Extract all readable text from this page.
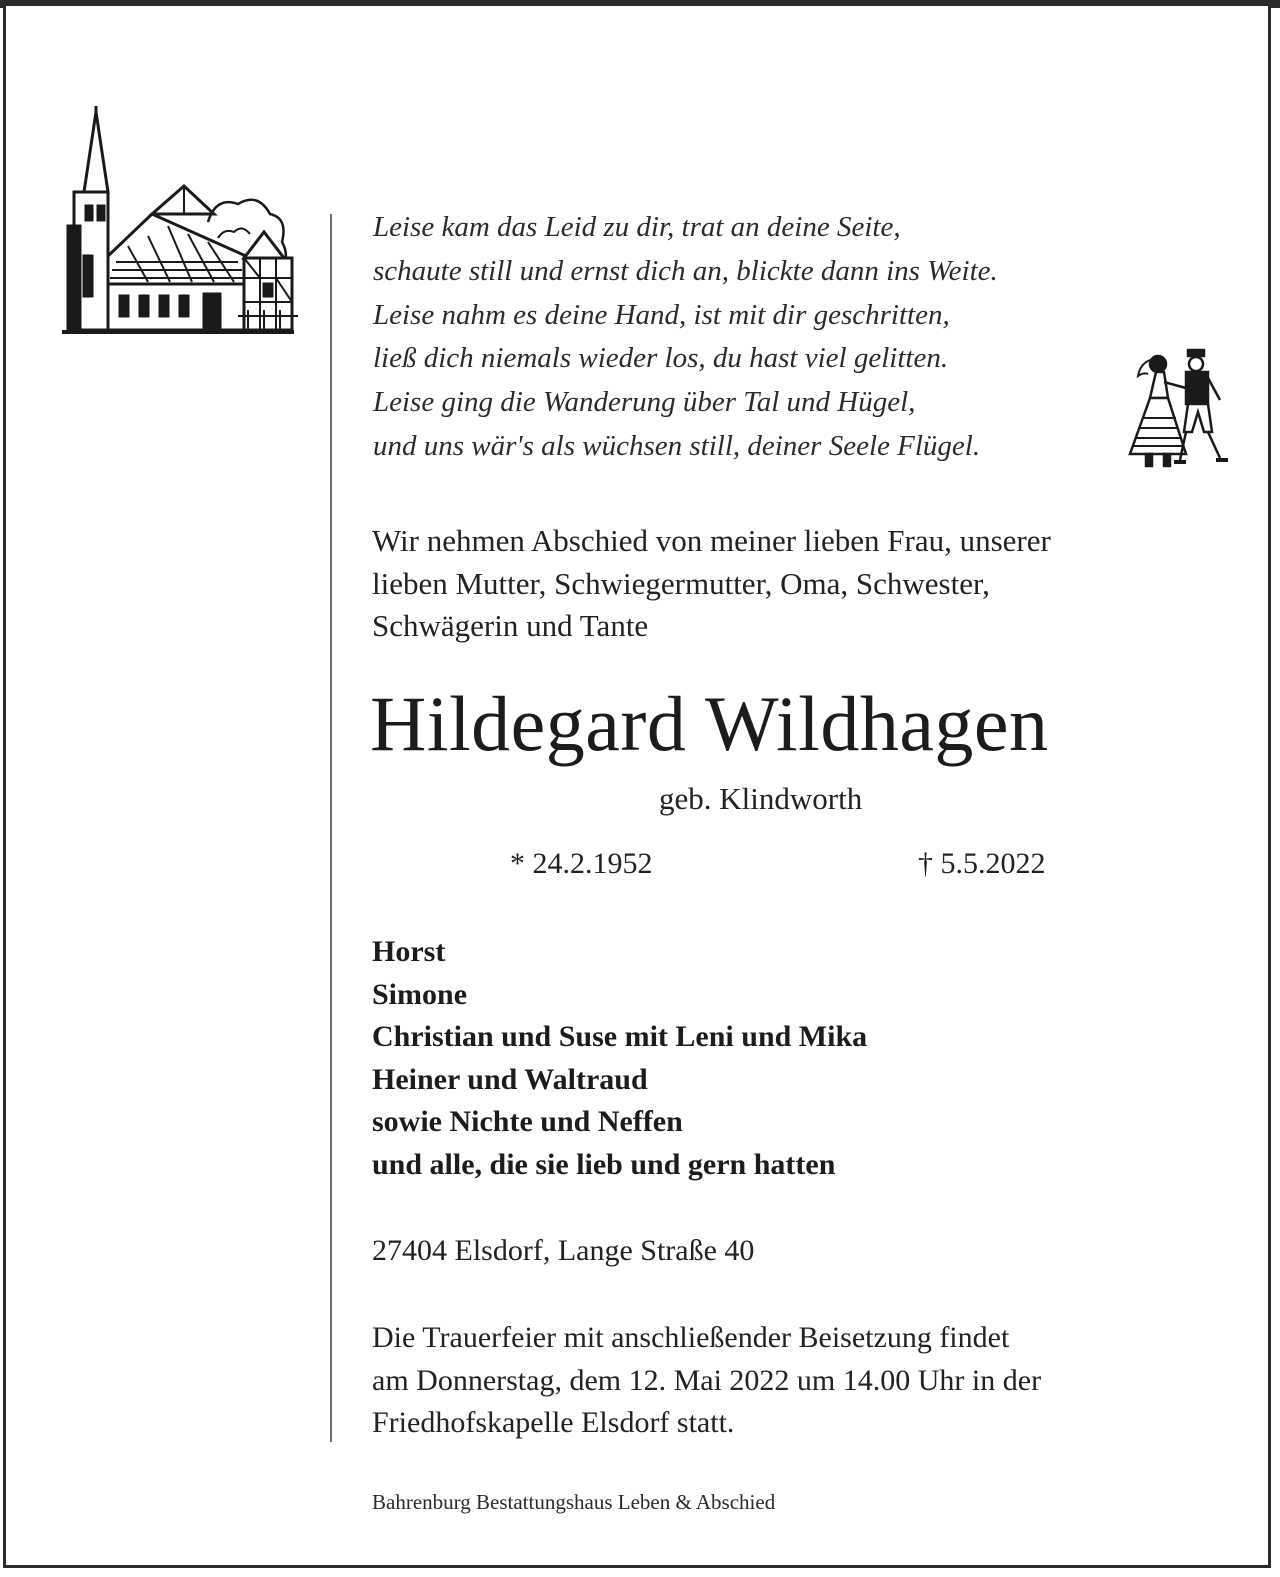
Leise kam das Leid zu dir, trat an deine Seite,
schaute still und ernst dich an, blickte dann ins Weite.
Leise nahm es deine Hand, ist mit dir geschritten,
ließ dich niemals wieder los, du hast viel gelitten.
Leise ging die Wanderung über Tal und Hügel,
und uns wär's als wüchsen still, deiner Seele Flügel.
Wir nehmen Abschied von meiner lieben Frau, unserer
lieben Mutter, Schwiegermutter, Oma, Schwester,
Schwägerin und Tante
Hildegard Wildhagen
geb. Klindworth
* 24.2.1952	† 5.5.2022
Horst
Simone
Christian und Suse mit Leni und Mika
Heiner und Waltraud
sowie Nichte und Neffen
und alle, die sie lieb und gern hatten
27404 Elsdorf, Lange Straße 40
Die Trauerfeier mit anschließender Beisetzung findet
am Donnerstag, dem 12. Mai 2022 um 14.00 Uhr in der
Friedhofskapelle Elsdorf statt.
Bahrenburg Bestattungshaus Leben & Abschied
